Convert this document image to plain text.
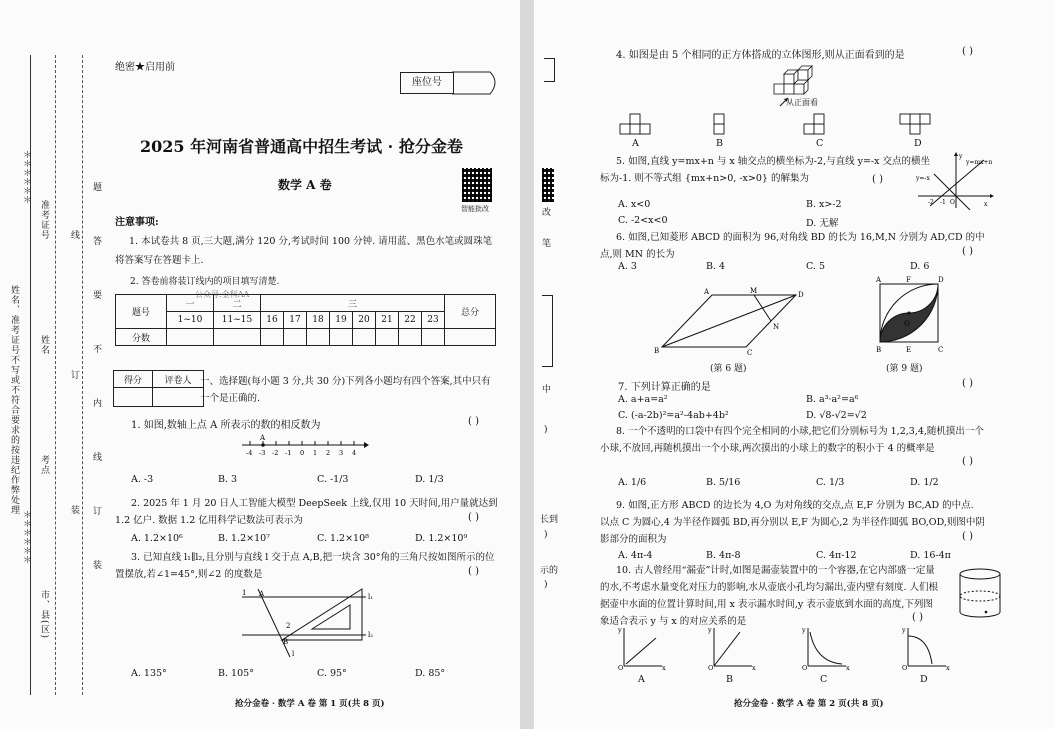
姓名、准考证号不写或不符合要求的按违纪作弊处理
准考证号
姓名
考点
市、县(区)
＊＊＊＊＊＊
＊＊＊＊＊＊
线
订
装
题
答
要
不
内
线
订
装
绝密★启用前
座位号
2025 年河南省普通高中招生考试 · 抢分金卷
数学 A 卷
智能批改
注意事项:
1. 本试卷共 8 页,三大题,满分 120 分,考试时间 100 分钟. 请用蓝、黑色水笔或圆珠笔将答案写在答题卡上.
2. 答卷前将装订线内的项目填写清楚.
公众号:金科AA
题号	一	二	三								总分
	1~10	11~15	16	17	18	19	20	21	22	23	
分数											
得分	评卷人
	一、选择题(每小题 3 分,共 30 分)下列各小题均有四个答案,其中只有一个是正确的.
1. 如图,数轴上点 A 所表示的数的相反数为	( )
A
-4 -3 -2 -1 0 1 2 3 4
A. -3	B. 3	C. -1/3	D. 1/3
2. 2025 年 1 月 20 日人工智能大模型 DeepSeek 上线,仅用 10 天时间,用户量就达到 1.2 亿户. 数据 1.2 亿用科学记数法可表示为	( )
A. 1.2×10⁶	B. 1.2×10⁷	C. 1.2×10⁸	D. 1.2×10⁹
3. 已知直线 l₁∥l₂,且分别与直线 l 交于点 A,B,把一块含 30°角的三角尺按如图所示的位置摆放,若∠1=45°,则∠2 的度数是	( )
1 A
2
B
l
l₁
l₂
A. 135°	B. 105°	C. 95°	D. 85°
抢分金卷 · 数学 A 卷 第 1 页(共 8 页)
改
笔
中
)
长到
)
示的
)
4. 如图是由 5 个相同的正方体搭成的立体图形,则从正面看到的是	( )
从正面看
A	B	C	D
5. 如图,直线 y=mx+n 与 x 轴交点的横坐标为-2,与直线 y=-x 交点的横坐标为-1. 则不等式组 {mx+n>0, -x>0} 的解集为	( )
y=mx+n
y=-x
-2 -1 O	x
y
A. x<0	B. x>-2
C. -2<x<0	D. 无解
6. 如图,已知菱形 ABCD 的面积为 96,对角线 BD 的长为 16,M,N 分别为 AD,CD 的中点,则 MN 的长为	( )
A. 3	B. 4	C. 5	D. 6
A	M	D
N
B	C
(第 6 题)
A	F	D
O
B	E	C
(第 9 题)
7. 下列计算正确的是	( )
A. a+a=a²	B. a³·a²=a⁶
C. (-a-2b)²=a²-4ab+4b²	D. √8-√2=√2
8. 一个不透明的口袋中有四个完全相同的小球,把它们分别标号为 1,2,3,4,随机摸出一个小球,不放回,再随机摸出一个小球,两次摸出的小球上的数字的积小于 4 的概率是
( )
A. 1/6	B. 5/16	C. 1/3	D. 1/2
9. 如图,正方形 ABCD 的边长为 4,O 为对角线的交点,点 E,F 分别为 BC,AD 的中点. 以点 C 为圆心,4 为半径作圆弧 BD,再分别以 E,F 为圆心,2 为半径作圆弧 BO,OD,则图中阴影部分的面积为	( )
A. 4π-4	B. 4π-8	C. 4π-12	D. 16-4π
10. 古人曾经用“漏壶”计时,如图是漏壶装置中的一个容器,在它内部盛一定量的水,不考虑水量变化对压力的影响,水从壶底小孔均匀漏出,壶内壁有刻度. 人们根据壶中水面的位置计算时间,用 x 表示漏水时间,y 表示壶底到水面的高度,下列图象适合表示 y 与 x 的对应关系的是	( )
y
O	x
y
O	x
y
O	x
y
O	x
A	B	C	D
抢分金卷 · 数学 A 卷 第 2 页(共 8 页)
